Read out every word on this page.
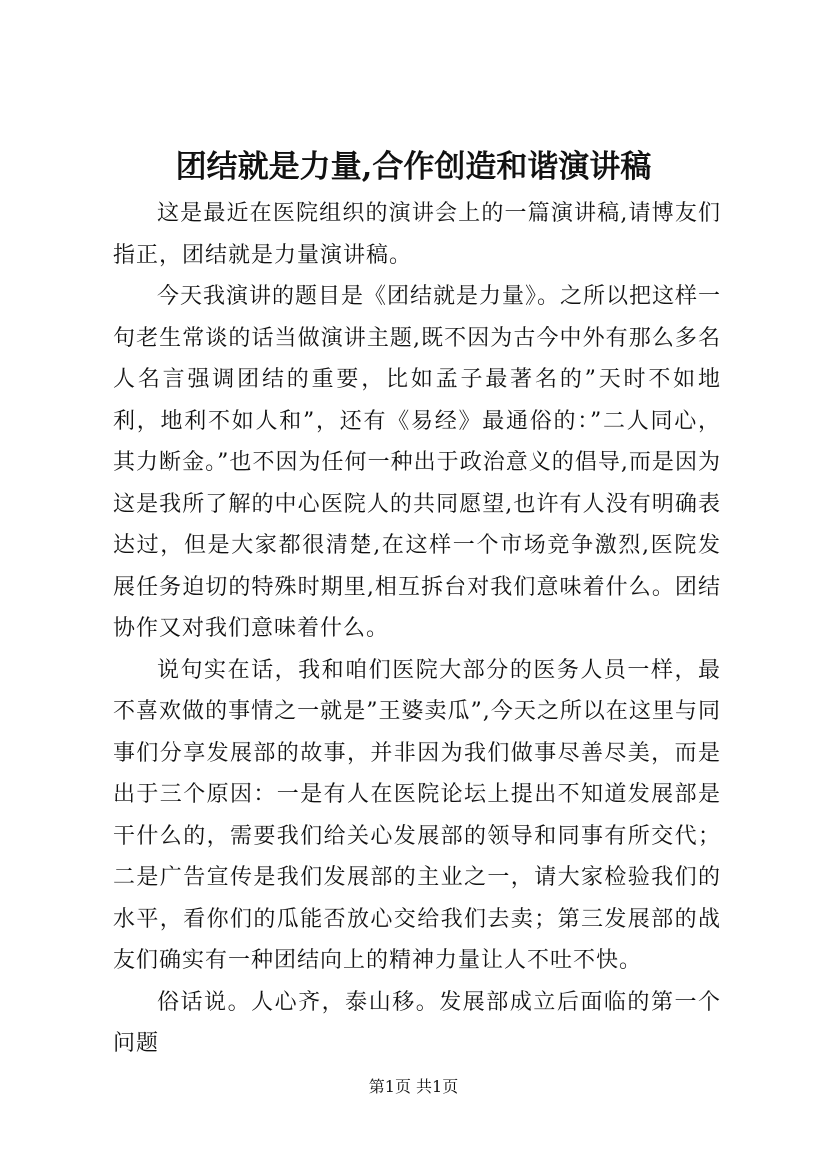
团结就是力量,合作创造和谐演讲稿

这是最近在医院组织的演讲会上的一篇演讲稿,请博友们指正，团结就是力量演讲稿。

今天我演讲的题目是《团结就是力量》。之所以把这样一句老生常谈的话当做演讲主题,既不因为古今中外有那么多名人名言强调团结的重要，比如孟子最著名的”天时不如地利，地利不如人和”，还有《易经》最通俗的：”二人同心，其力断金。”也不因为任何一种出于政治意义的倡导,而是因为这是我所了解的中心医院人的共同愿望,也许有人没有明确表达过，但是大家都很清楚,在这样一个市场竞争激烈,医院发展任务迫切的特殊时期里,相互拆台对我们意味着什么。团结协作又对我们意味着什么。

说句实在话，我和咱们医院大部分的医务人员一样，最不喜欢做的事情之一就是”王婆卖瓜”,今天之所以在这里与同事们分享发展部的故事，并非因为我们做事尽善尽美，而是出于三个原因：一是有人在医院论坛上提出不知道发展部是干什么的，需要我们给关心发展部的领导和同事有所交代；二是广告宣传是我们发展部的主业之一，请大家检验我们的水平，看你们的瓜能否放心交给我们去卖；第三发展部的战友们确实有一种团结向上的精神力量让人不吐不快。

俗话说。人心齐，泰山移。发展部成立后面临的第一个问题

第1页 共1页
